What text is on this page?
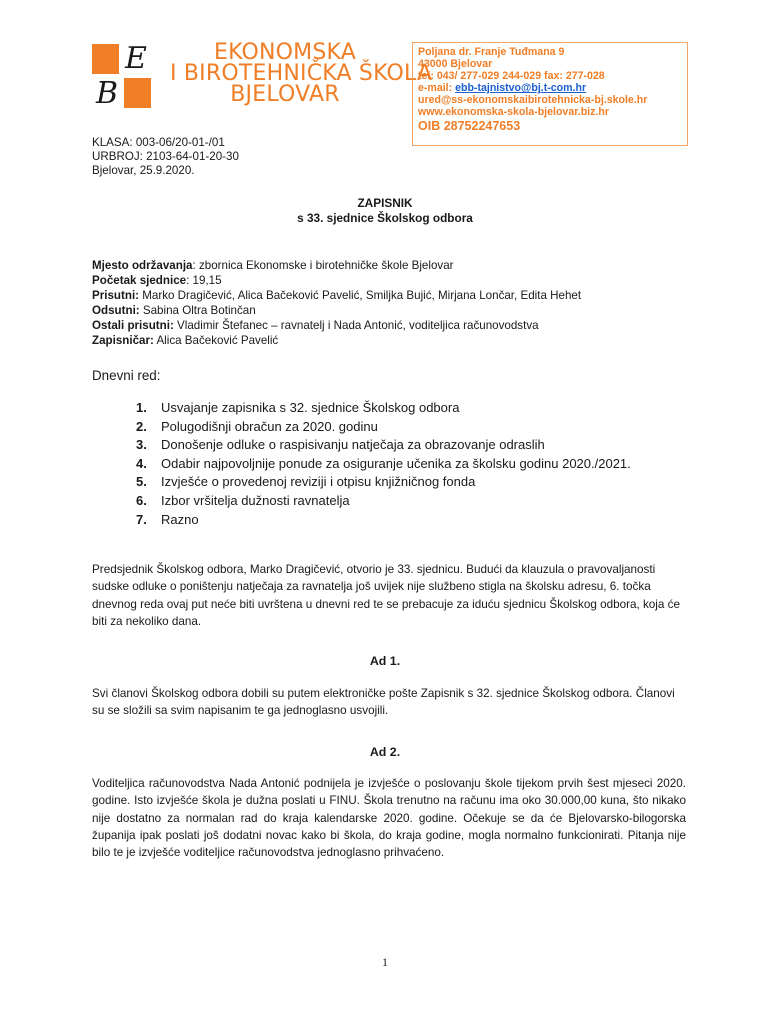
E
B
EKONOMSKA
I BIROTEHNIČKA ŠKOLA
BJELOVAR
Poljana dr. Franje Tuđmana 9
43000 Bjelovar
tel: 043/ 277-029 244-029 fax: 277-028
e-mail: ebb-tajnistvo@bj.t-com.hr
ured@ss-ekonomskaibirotehnicka-bj.skole.hr
www.ekonomska-skola-bjelovar.biz.hr
OIB 28752247653
KLASA: 003-06/20-01-/01
URBROJ: 2103-64-01-20-30
Bjelovar, 25.9.2020.
ZAPISNIK
s 33. sjednice Školskog odbora
Mjesto održavanja: zbornica Ekonomske i birotehničke škole Bjelovar
Početak sjednice: 19,15
Prisutni: Marko Dragičević, Alica Bačeković Pavelić, Smiljka Bujić, Mirjana Lončar, Edita Hehet
Odsutni: Sabina Oltra Botinčan
Ostali prisutni: Vladimir Štefanec – ravnatelj i Nada Antonić, voditeljica računovodstva
Zapisničar: Alica Bačeković Pavelić
Dnevni red:
1. Usvajanje zapisnika s 32. sjednice Školskog odbora
2. Polugodišnji obračun za 2020. godinu
3. Donošenje odluke o raspisivanju natječaja za obrazovanje odraslih
4. Odabir najpovoljnije ponude za osiguranje učenika za školsku godinu 2020./2021.
5. Izvješće o provedenoj reviziji i otpisu knjižničnog fonda
6. Izbor vršitelja dužnosti ravnatelja
7. Razno
Predsjednik Školskog odbora, Marko Dragičević, otvorio je 33. sjednicu. Budući da klauzula o pravovaljanosti sudske odluke o poništenju natječaja za ravnatelja još uvijek nije službeno stigla na školsku adresu, 6. točka dnevnog reda ovaj put neće biti uvrštena u dnevni red te se prebacuje za iduću sjednicu Školskog odbora, koja će biti za nekoliko dana.
Ad 1.
Svi članovi Školskog odbora dobili su putem elektroničke pošte Zapisnik s 32. sjednice Školskog odbora. Članovi su se složili sa svim napisanim te ga jednoglasno usvojili.
Ad 2.
Voditeljica računovodstva Nada Antonić podnijela je izvješće o poslovanju škole tijekom prvih šest mjeseci 2020. godine. Isto izvješće škola je dužna poslati u FINU. Škola trenutno na računu ima oko 30.000,00 kuna, što nikako nije dostatno za normalan rad do kraja kalendarske 2020. godine. Očekuje se da će Bjelovarsko-bilogorska županija ipak poslati još dodatni novac kako bi škola, do kraja godine, mogla normalno funkcionirati. Pitanja nije bilo te je izvješće voditeljice računovodstva jednoglasno prihvaćeno.
1
